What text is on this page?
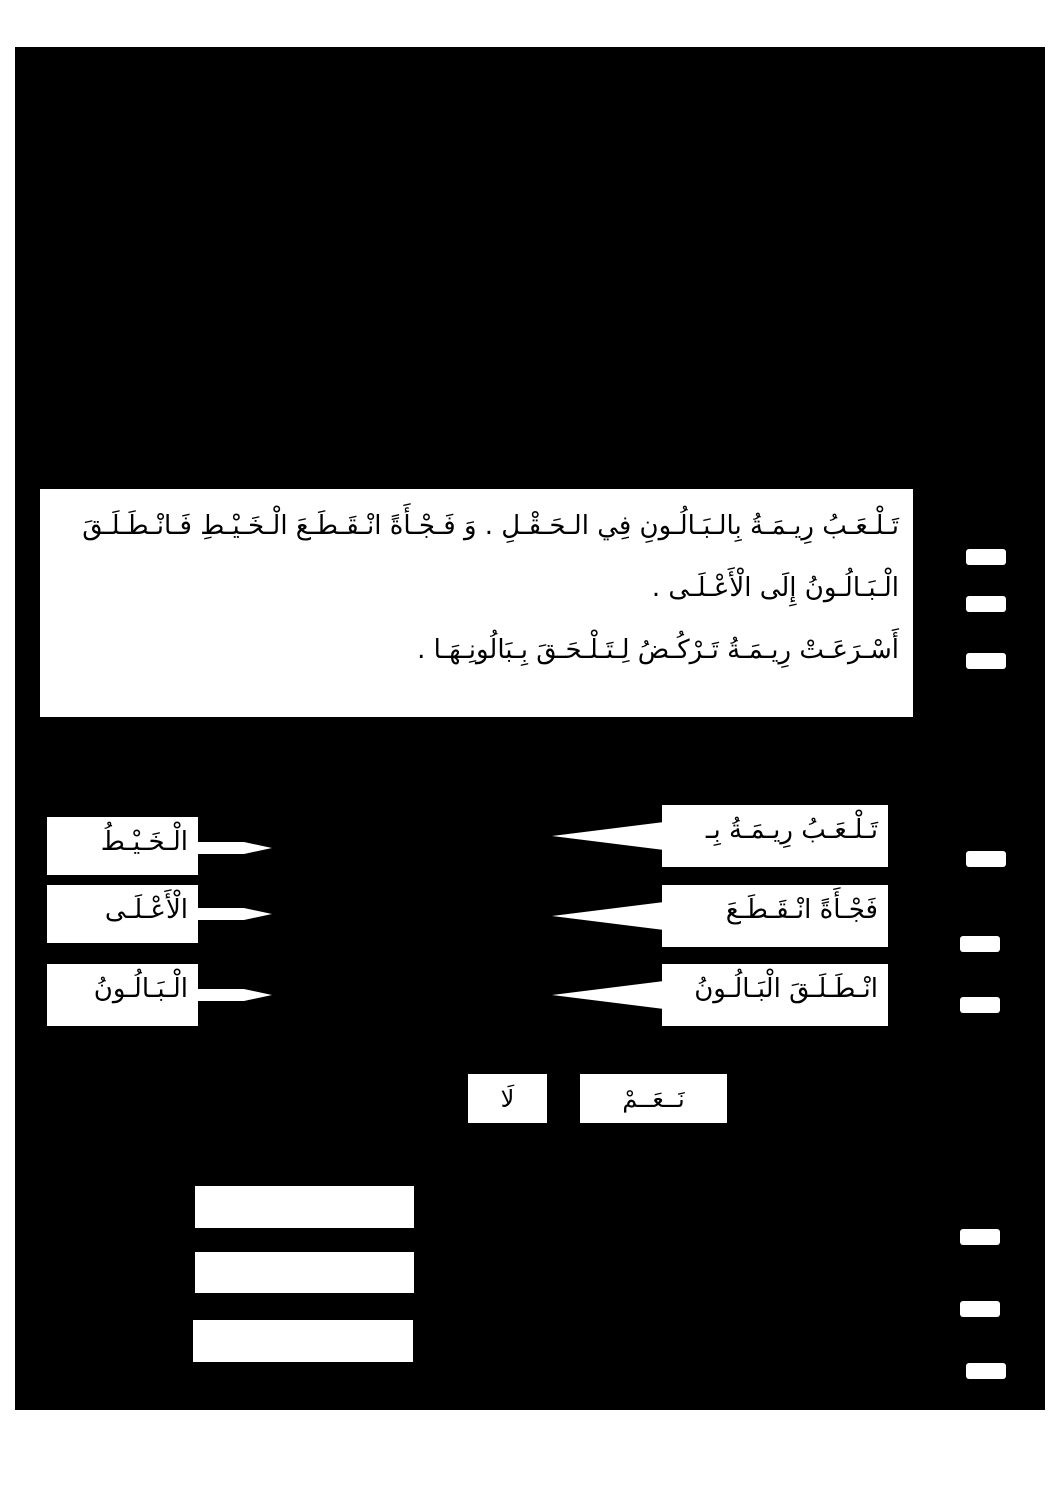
تَـلْـعَـبُ رِيـمَـةُ بِالـبَـالُـونِ فِي الـحَـقْـلِ . وَ فَـجْـأَةً انْـقَـطَـعَ الْـخَـيْـطِ فَـانْـطَـلَـقَ
الْـبَـالُـونُ إِلَى الْأَعْـلَـى .
أَسْـرَعَـتْ رِيـمَـةُ تَـرْكُـضُ لِـتَـلْـحَـقَ بِـبَالُونِـهَـا .
تَـلْـعَـبُ رِيـمَـةُ بِـ
فَجْـأَةً انْـقَـطَـعَ
انْـطَـلَـقَ الْبَـالُـونُ
الْـخَـيْـطُ
الْأَعْـلَـى
الْـبَـالُـونُ
نَــعَــمْ
لَا
